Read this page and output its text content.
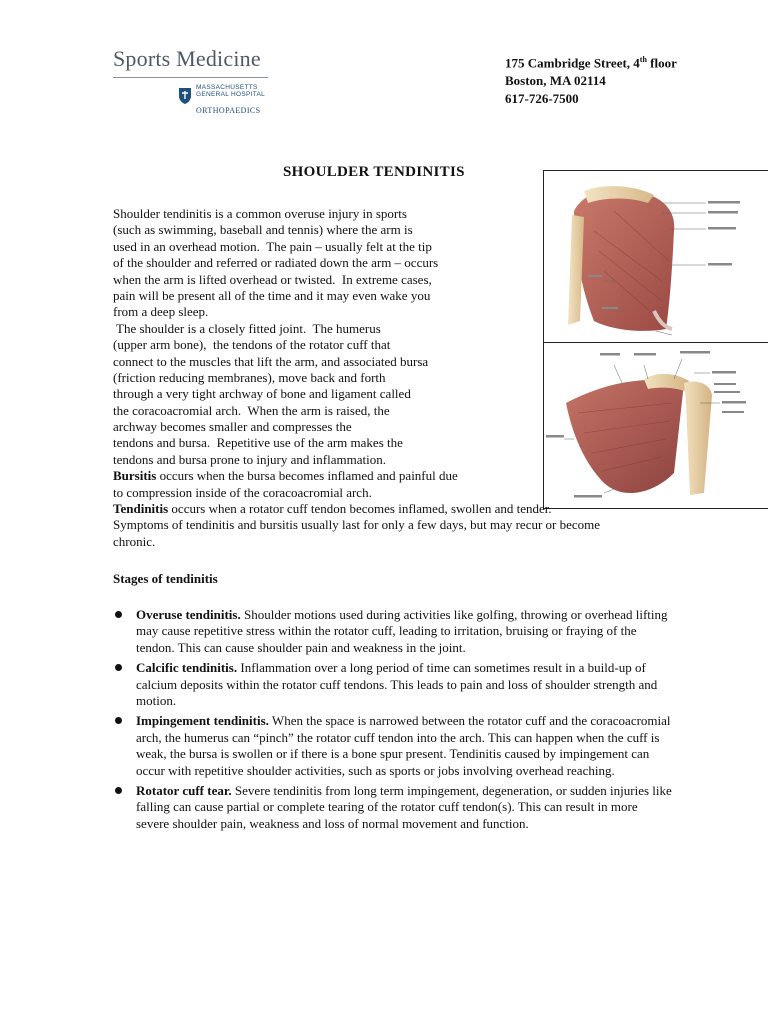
Sports Medicine
MASSACHUSETTS
GENERAL HOSPITAL
ORTHOPAEDICS
175 Cambridge Street, 4th floor
Boston, MA 02114
617-726-7500
SHOULDER TENDINITIS
Shoulder tendinitis is a common overuse injury in sports
(such as swimming, baseball and tennis) where the arm is
used in an overhead motion.  The pain – usually felt at the tip
of the shoulder and referred or radiated down the arm – occurs
when the arm is lifted overhead or twisted.  In extreme cases,
pain will be present all of the time and it may even wake you
from a deep sleep.
The shoulder is a closely fitted joint.  The humerus
(upper arm bone),  the tendons of the rotator cuff that
connect to the muscles that lift the arm, and associated bursa
(friction reducing membranes), move back and forth
through a very tight archway of bone and ligament called
the coracoacromial arch.  When the arm is raised, the
archway becomes smaller and compresses the
tendons and bursa.  Repetitive use of the arm makes the
tendons and bursa prone to injury and inflammation.
Bursitis occurs when the bursa becomes inflamed and painful due
to compression inside of the coracoacromial arch.
Tendinitis occurs when a rotator cuff tendon becomes inflamed, swollen and tender.
Symptoms of tendinitis and bursitis usually last for only a few days, but may recur or become
chronic.
Stages of tendinitis
Overuse tendinitis. Shoulder motions used during activities like golfing, throwing or overhead lifting may cause repetitive stress within the rotator cuff, leading to irritation, bruising or fraying of the tendon. This can cause shoulder pain and weakness in the joint.
Calcific tendinitis. Inflammation over a long period of time can sometimes result in a build-up of calcium deposits within the rotator cuff tendons. This leads to pain and loss of shoulder strength and motion.
Impingement tendinitis. When the space is narrowed between the rotator cuff and the coracoacromial arch, the humerus can “pinch” the rotator cuff tendon into the arch. This can happen when the cuff is weak, the bursa is swollen or if there is a bone spur present. Tendinitis caused by impingement can occur with repetitive shoulder activities, such as sports or jobs involving overhead reaching.
Rotator cuff tear. Severe tendinitis from long term impingement, degeneration, or sudden injuries like falling can cause partial or complete tearing of the rotator cuff tendon(s). This can result in more severe shoulder pain, weakness and loss of normal movement and function.
